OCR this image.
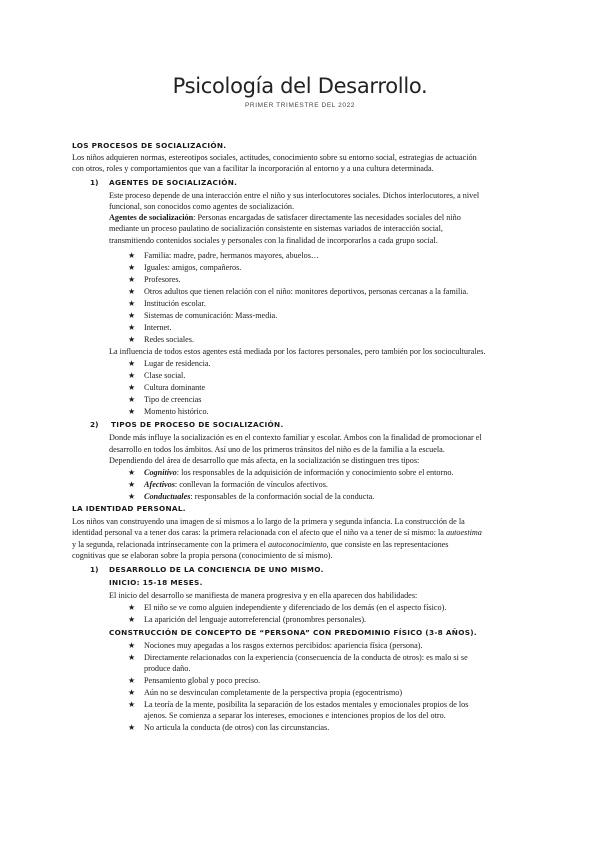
Psicología del Desarrollo.
PRIMER TRIMESTRE DEL 2022
LOS PROCESOS DE SOCIALIZACIÓN.
Los niños adquieren normas, estereotipos sociales, actitudes, conocimiento sobre su entorno social, estrategias de actuación
con otros, roles y comportamientos que van a facilitar la incorporación al entorno y a una cultura determinada.
1) AGENTES DE SOCIALIZACIÓN.
Este proceso depende de una interacción entre el niño y sus interlocutores sociales. Dichos interlocutores, a nivel
funcional, son conocidos como agentes de socialización.
Agentes de socialización: Personas encargadas de satisfacer directamente las necesidades sociales del niño
mediante un proceso paulatino de socialización consistente en sistemas variados de interacción social,
transmitiendo contenidos sociales y personales con la finalidad de incorporarlos a cada grupo social.
★ Familia: madre, padre, hermanos mayores, abuelos…
★ Iguales: amigos, compañeros.
★ Profesores.
★ Otros adultos que tienen relación con el niño: monitores deportivos, personas cercanas a la familia.
★ Institución escolar.
★ Sistemas de comunicación: Mass-media.
★ Internet.
★ Redes sociales.
La influencia de todos estos agentes está mediada por los factores personales, pero también por los socioculturales.
★ Lugar de residencia.
★ Clase social.
★ Cultura dominante
★ Tipo de creencias
★ Momento histórico.
2) TIPOS DE PROCESO DE SOCIALIZACIÓN.
Donde más influye la socialización es en el contexto familiar y escolar. Ambos con la finalidad de promocionar el
desarrollo en todos los ámbitos. Así uno de los primeros tránsitos del niño es de la familia a la escuela.
Dependiendo del área de desarrollo que más afecta, en la socialización se distinguen tres tipos:
★ Cognitivo: los responsables de la adquisición de información y conocimiento sobre el entorno.
★ Afectivos: conllevan la formación de vínculos afectivos.
★ Conductuales: responsables de la conformación social de la conducta.
LA IDENTIDAD PERSONAL.
Los niños van construyendo una imagen de sí mismos a lo largo de la primera y segunda infancia. La construcción de la
identidad personal va a tener dos caras: la primera relacionada con el afecto que el niño va a tener de sí mismo: la autoestima
y la segunda, relacionada intrínsecamente con la primera el autoconocimiento, que consiste en las representaciones
cognitivas que se elaboran sobre la propia persona (conocimiento de sí mismo).
1) DESARROLLO DE LA CONCIENCIA DE UNO MISMO.
INICIO: 15-18 MESES.
El inicio del desarrollo se manifiesta de manera progresiva y en ella aparecen dos habilidades:
★ El niño se ve como alguien independiente y diferenciado de los demás (en el aspecto físico).
★ La aparición del lenguaje autorreferencial (pronombres personales).
CONSTRUCCIÓN DE CONCEPTO DE “PERSONA” CON PREDOMINIO FÍSICO (3-8 AÑOS).
★ Nociones muy apegadas a los rasgos externos percibidos: apariencia física (persona).
★ Directamente relacionados con la experiencia (consecuencia de la conducta de otros): es malo si se
produce daño.
★ Pensamiento global y poco preciso.
★ Aún no se desvinculan completamente de la perspectiva propia (egocentrismo)
★ La teoría de la mente, posibilita la separación de los estados mentales y emocionales propios de los
ajenos. Se comienza a separar los intereses, emociones e intenciones propios de los del otro.
★ No articula la conducta (de otros) con las circunstancias.
